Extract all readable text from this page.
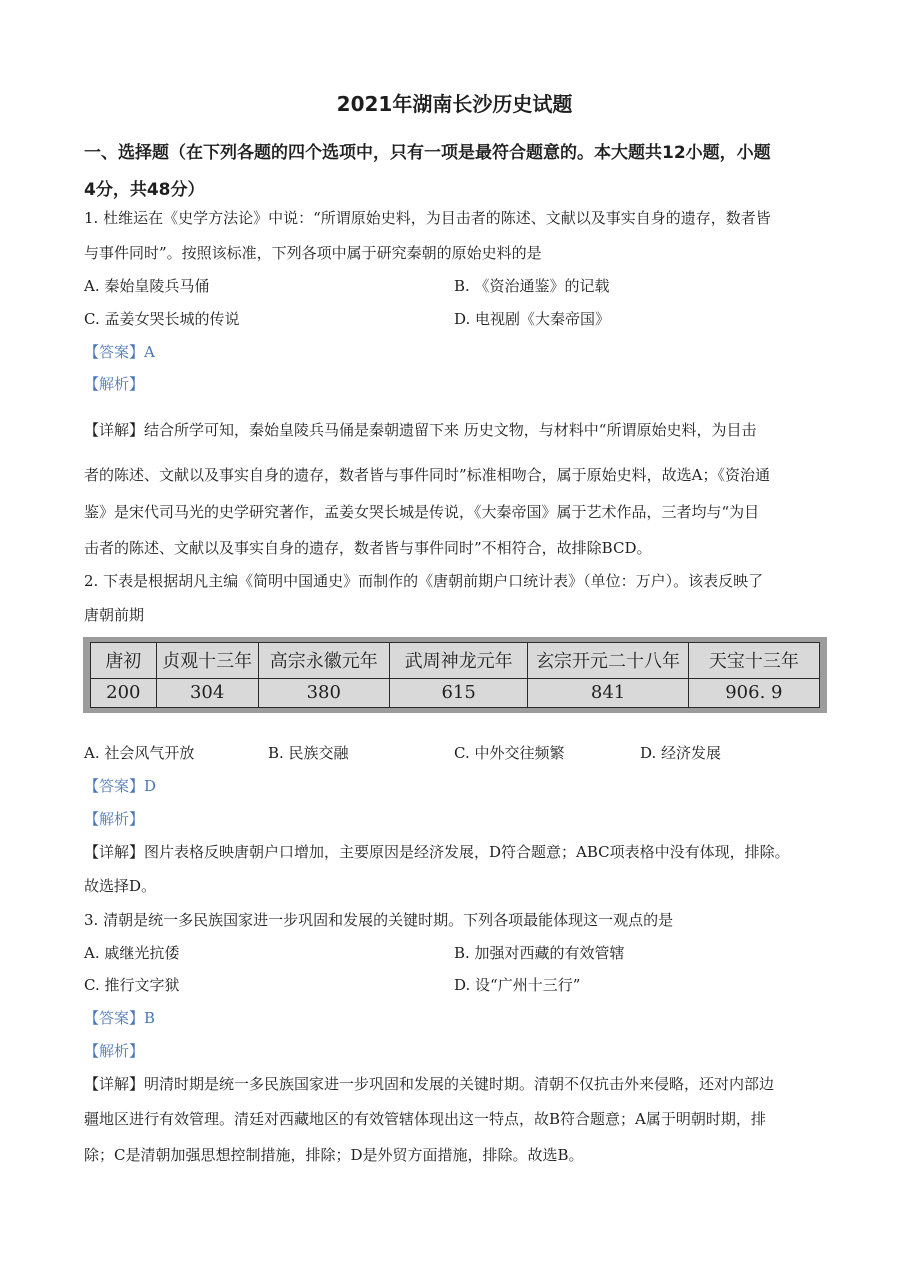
2021年湖南长沙历史试题
一、选择题（在下列各题的四个选项中，只有一项是最符合题意的。本大题共12小题，小题
4分，共48分）
1. 杜维运在《史学方法论》中说：“所谓原始史料，为目击者的陈述、文献以及事实自身的遗存，数者皆
与事件同时”。按照该标准，下列各项中属于研究秦朝的原始史料的是
A. 秦始皇陵兵马俑	B. 《资治通鉴》的记载
C. 孟姜女哭长城的传说	D. 电视剧《大秦帝国》
【答案】A
【解析】
【详解】结合所学可知，秦始皇陵兵马俑是秦朝遗留下来 历史文物，与材料中“所谓原始史料，为目击
者的陈述、文献以及事实自身的遗存，数者皆与事件同时”标准相吻合，属于原始史料，故选A；《资治通
鉴》是宋代司马光的史学研究著作，孟姜女哭长城是传说，《大秦帝国》属于艺术作品，三者均与“为目
击者的陈述、文献以及事实自身的遗存，数者皆与事件同时”不相符合，故排除BCD。
2. 下表是根据胡凡主编《简明中国通史》而制作的《唐朝前期户口统计表》（单位：万户）。该表反映了
唐朝前期
唐初	贞观十三年	高宗永徽元年	武周神龙元年	玄宗开元二十八年	天宝十三年
200	304	380	615	841	906. 9
A. 社会风气开放	B. 民族交融	C. 中外交往频繁	D. 经济发展
【答案】D
【解析】
【详解】图片表格反映唐朝户口增加，主要原因是经济发展，D符合题意；ABC项表格中没有体现，排除。
故选择D。
3. 清朝是统一多民族国家进一步巩固和发展的关键时期。下列各项最能体现这一观点的是
A. 戚继光抗倭	B. 加强对西藏的有效管辖
C. 推行文字狱	D. 设“广州十三行”
【答案】B
【解析】
【详解】明清时期是统一多民族国家进一步巩固和发展的关键时期。清朝不仅抗击外来侵略，还对内部边
疆地区进行有效管理。清廷对西藏地区的有效管辖体现出这一特点，故B符合题意；A属于明朝时期，排
除；C是清朝加强思想控制措施，排除；D是外贸方面措施，排除。故选B。
